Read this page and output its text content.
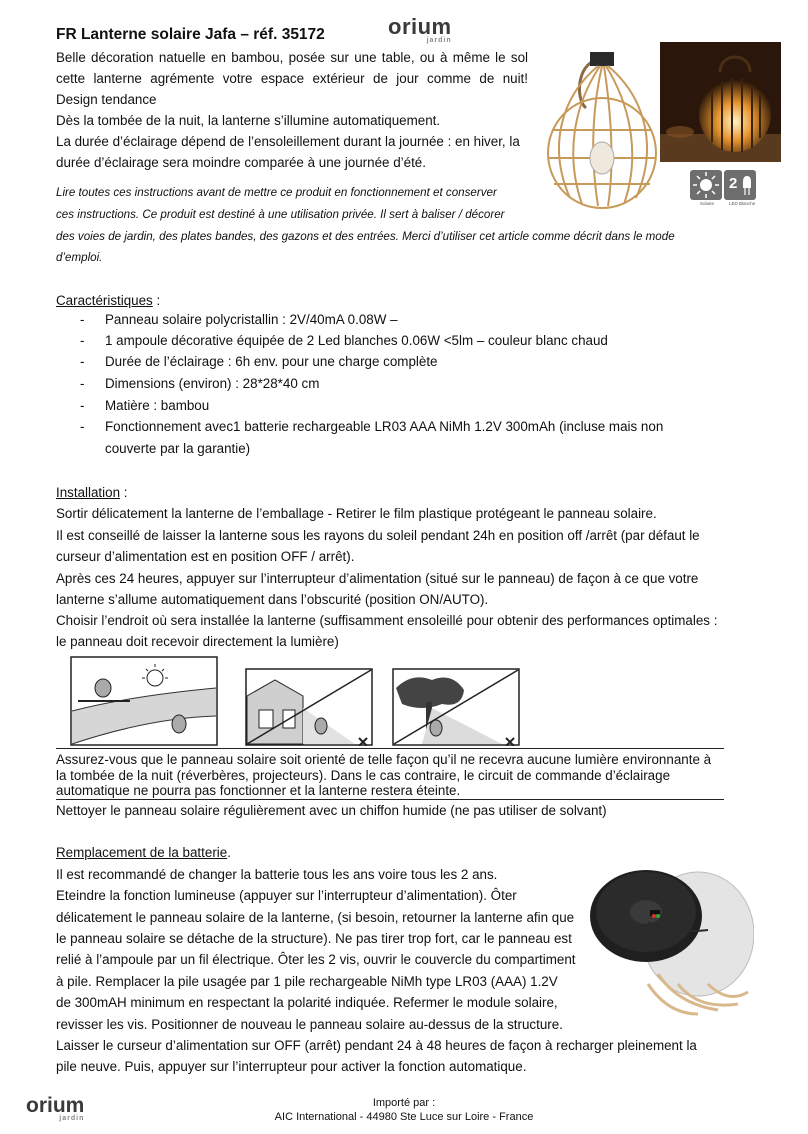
FR Lanterne solaire Jafa – réf. 35172	orium
jardin
Belle décoration natuelle en bambou, posée sur une table, ou à même le sol
cette lanterne agrémente votre espace extérieur de jour comme de nuit!
Design tendance
Dès la tombée de la nuit, la lanterne s’illumine automatiquement.
La durée d’éclairage dépend de l’ensoleillement durant la journée : en hiver, la
durée d’éclairage sera moindre comparée à une journée d’été.
Lire toutes ces instructions avant de mettre ce produit en fonctionnement et conserver
ces instructions. Ce produit est destiné à une utilisation privée. Il sert à baliser / décorer
des voies de jardin, des plates bandes, des gazons et des entrées. Merci d’utiliser cet article comme décrit dans le mode
d’emploi.
Solaire
2
LED Blanche
Caractéristiques :
- Panneau solaire polycristallin : 2V/40mA 0.08W –
- 1 ampoule décorative équipée de 2 Led blanches 0.06W <5lm – couleur blanc chaud
- Durée de l’éclairage : 6h env. pour une charge complète
- Dimensions (environ) : 28*28*40 cm
- Matière : bambou
- Fonctionnement avec1 batterie rechargeable LR03 AAA NiMh 1.2V 300mAh (incluse mais non
couverte par la garantie)
Installation :
Sortir délicatement la lanterne de l’emballage - Retirer le film plastique protégeant le panneau solaire.
Il est conseillé de laisser la lanterne sous les rayons du soleil pendant 24h en position off /arrêt (par défaut le
curseur d’alimentation est en position OFF / arrêt).
Après ces 24 heures, appuyer sur l’interrupteur d’alimentation (situé sur le panneau) de façon à ce que votre
lanterne s’allume automatiquement dans l’obscurité (position ON/AUTO).
Choisir l’endroit où sera installée la lanterne (suffisamment ensoleillé pour obtenir des performances optimales :
le panneau doit recevoir directement la lumière)
Assurez-vous que le panneau solaire soit orienté de telle façon qu’il ne recevra aucune lumière environnante à
la tombée de la nuit (réverbères, projecteurs). Dans le cas contraire, le circuit de commande d’éclairage
automatique ne pourra pas fonctionner et la lanterne restera éteinte.
Nettoyer le panneau solaire régulièrement avec un chiffon humide (ne pas utiliser de solvant)
Remplacement de la batterie.
Il est recommandé de changer la batterie tous les ans voire tous les 2 ans.
Eteindre la fonction lumineuse (appuyer sur l’interrupteur d’alimentation). Ôter
délicatement le panneau solaire de la lanterne, (si besoin, retourner la lanterne afin que
le panneau solaire se détache de la structure). Ne pas tirer trop fort, car le panneau est
relié à l’ampoule par un fil électrique. Ôter les 2 vis, ouvrir le couvercle du compartiment
à pile. Remplacer la pile usagée par 1 pile rechargeable NiMh type LR03 (AAA) 1.2V
de 300mAH minimum en respectant la polarité indiquée. Refermer le module solaire,
revisser les vis. Positionner de nouveau le panneau solaire au-dessus de la structure.
Laisser le curseur d’alimentation sur OFF (arrêt) pendant 24 à 48 heures de façon à recharger pleinement la
pile neuve. Puis, appuyer sur l’interrupteur pour activer la fonction automatique.
orium
jardin
Importé par :
AIC International - 44980 Ste Luce sur Loire - France
